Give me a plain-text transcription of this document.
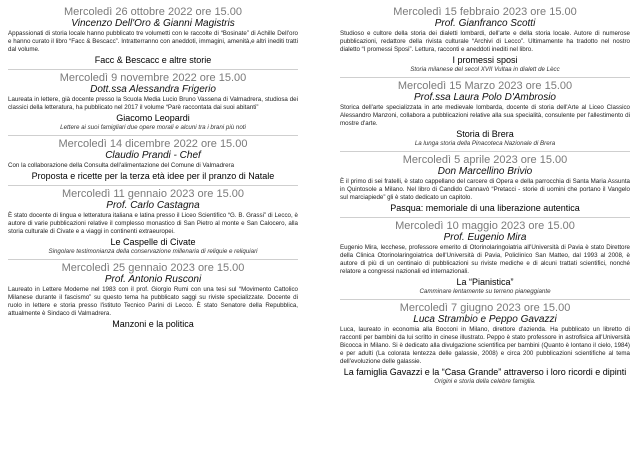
Mercoledì 26 ottobre 2022 ore 15.00
Vincenzo Dell'Oro & Gianni Magistris
Appassionati di storia locale hanno pubblicato tre volumetti con le raccolte di “Bosinate” di Achille Dell'oro e hanno curato il libro “Facc & Bescacc”. Intratterranno con aneddoti, immagini, amenità,e altri inediti tratti dal volume.
Facc & Bescacc e altre storie
Mercoledì 9 novembre 2022 ore 15.00
Dott.ssa Alessandra Frigerio
Laureata in lettere, già docente presso la Scuola Media Lucio Bruno Vassena di Valmadrera, studiosa dei classici della letteratura, ha pubblicato nel 2017 il volume “Parè raccontata dai suoi abitanti”
Giacomo Leopardi
Lettere ai suoi famigliari due opere morali e alcuni tra i brani più noti
Mercoledì 14 dicembre 2022 ore 15.00
Claudio Prandi - Chef
Con la collaborazione della Consulta dell'alimentazione del Comune di Valmadrera
Proposta e ricette per la terza età idee per il pranzo di Natale
Mercoledì 11 gennaio 2023 ore 15.00
Prof. Carlo Castagna
È stato docente di lingua e letteratura italiana e latina presso il Liceo Scientifico “G. B. Grassi” di Lecco, è autore di varie pubblicazioni relative il complesso monastico di San Pietro al monte e San Calocero, alla storia culturale di Civate e a viaggi in continenti extraeuropei.
Le Caspelle di Civate
Singolare testimonianza della conservazione millenaria di reliquie e reliquiari
Mercoledì 25 gennaio 2023 ore 15.00
Prof. Antonio Rusconi
Laureato in Lettere Moderne nel 1983 con il prof. Giorgio Rumi con una tesi sul “Movimento Cattolico Milanese durante il fascismo” su questo tema ha pubblicato saggi su riviste specializzate. Docente di ruolo in lettere e storia presso l'istituto Tecnico Parini di Lecco. È stato Senatore della Repubblica, attualmente è Sindaco di Valmadrera.
Manzoni e la politica
Mercoledì 15 febbraio 2023 ore 15.00
Prof. Gianfranco Scotti
Studioso e cultore della storia dei dialetti lombardi, dell'arte e della storia locale. Autore di numerose pubblicazioni, redattore della rivista culturale “Archivi di Lecco”. Ultimamente ha tradotto nel nostro dialetto “I promessi Sposi”. Lettura, racconti e aneddoti inediti nel libro.
I promessi sposi
Storia milanese del secol XVII Vultaa in dialett de Lècc
Mercoledì 15 Marzo 2023 ore 15.00
Prof.ssa Laura Polo D'Ambrosio
Storica dell'arte specializzata in arte medievale lombarda, docente di storia dell'Arte al Liceo Classico Alessandro Manzoni, collabora a pubblicazioni relative alla sua specialità, consulente per l'allestimento di mostre d'arte.
Storia di Brera
La lunga storia della Pinacoteca Nazionale di Brera
Mercoledì 5 aprile 2023 ore 15.00
Don Marcellino Brivio
È il primo di sei fratelli, è stato cappellano del carcere di Opera e della parrocchia di Santa Maria Assunta in Quintosole a Milano. Nel libro di Candido Cannavò “Pretacci - storie di uomini che portano il Vangelo sul marciapiede” gli è stato dedicato un capitolo.
Pasqua: memoriale di una liberazione autentica
Mercoledì 10 maggio 2023 ore 15.00
Prof. Eugenio Mira
Eugenio Mira, lecchese, professore emerito di Otorinolaringoiatria all'Università di Pavia è stato Direttore della Clinica Otorinolaringoiatrica dell'Università di Pavia, Policlinico San Matteo, dal 1993 al 2008, è autore di più di un centinaio di pubblicazioni su riviste mediche e di alcuni trattati scientifici, nonché relatore a congressi nazionali ed internazionali.
La “Pianistica”
Camminare lentamente su terreno pianeggiante
Mercoledì 7 giugno 2023 ore 15.00
Luca Strambio e Peppo Gavazzi
Luca, laureato in economia alla Bocconi in Milano, direttore d'azienda. Ha pubblicato un libretto di racconti per bambini da lui scritto in cinese illustrato. Peppo è stato professore in astrofisica all'Università Bicocca in Milano. Si è dedicato alla divulgazione scientifica per bambini (Quanto è lontano il cielo, 1984) e per adulti (La colorata lentezza delle galassie, 2008) e circa 200 pubblicazioni scientifiche al tema dell'evoluzione delle galassie.
La famiglia Gavazzi e la “Casa Grande” attraverso i loro ricordi e dipinti
Origini e storia della celebre famiglia.
